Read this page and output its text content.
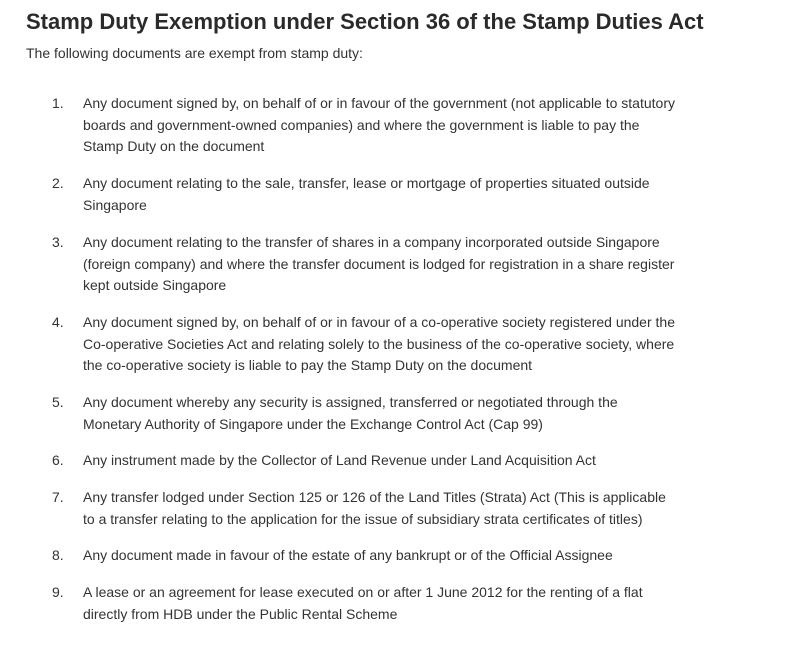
Stamp Duty Exemption under Section 36 of the Stamp Duties Act

The following documents are exempt from stamp duty:

1. Any document signed by, on behalf of or in favour of the government (not applicable to statutory
boards and government-owned companies) and where the government is liable to pay the
Stamp Duty on the document
2. Any document relating to the sale, transfer, lease or mortgage of properties situated outside
Singapore
3. Any document relating to the transfer of shares in a company incorporated outside Singapore
(foreign company) and where the transfer document is lodged for registration in a share register
kept outside Singapore
4. Any document signed by, on behalf of or in favour of a co-operative society registered under the
Co-operative Societies Act and relating solely to the business of the co-operative society, where
the co-operative society is liable to pay the Stamp Duty on the document
5. Any document whereby any security is assigned, transferred or negotiated through the
Monetary Authority of Singapore under the Exchange Control Act (Cap 99)
6. Any instrument made by the Collector of Land Revenue under Land Acquisition Act
7. Any transfer lodged under Section 125 or 126 of the Land Titles (Strata) Act (This is applicable
to a transfer relating to the application for the issue of subsidiary strata certificates of titles)
8. Any document made in favour of the estate of any bankrupt or of the Official Assignee
9. A lease or an agreement for lease executed on or after 1 June 2012 for the renting of a flat
directly from HDB under the Public Rental Scheme
